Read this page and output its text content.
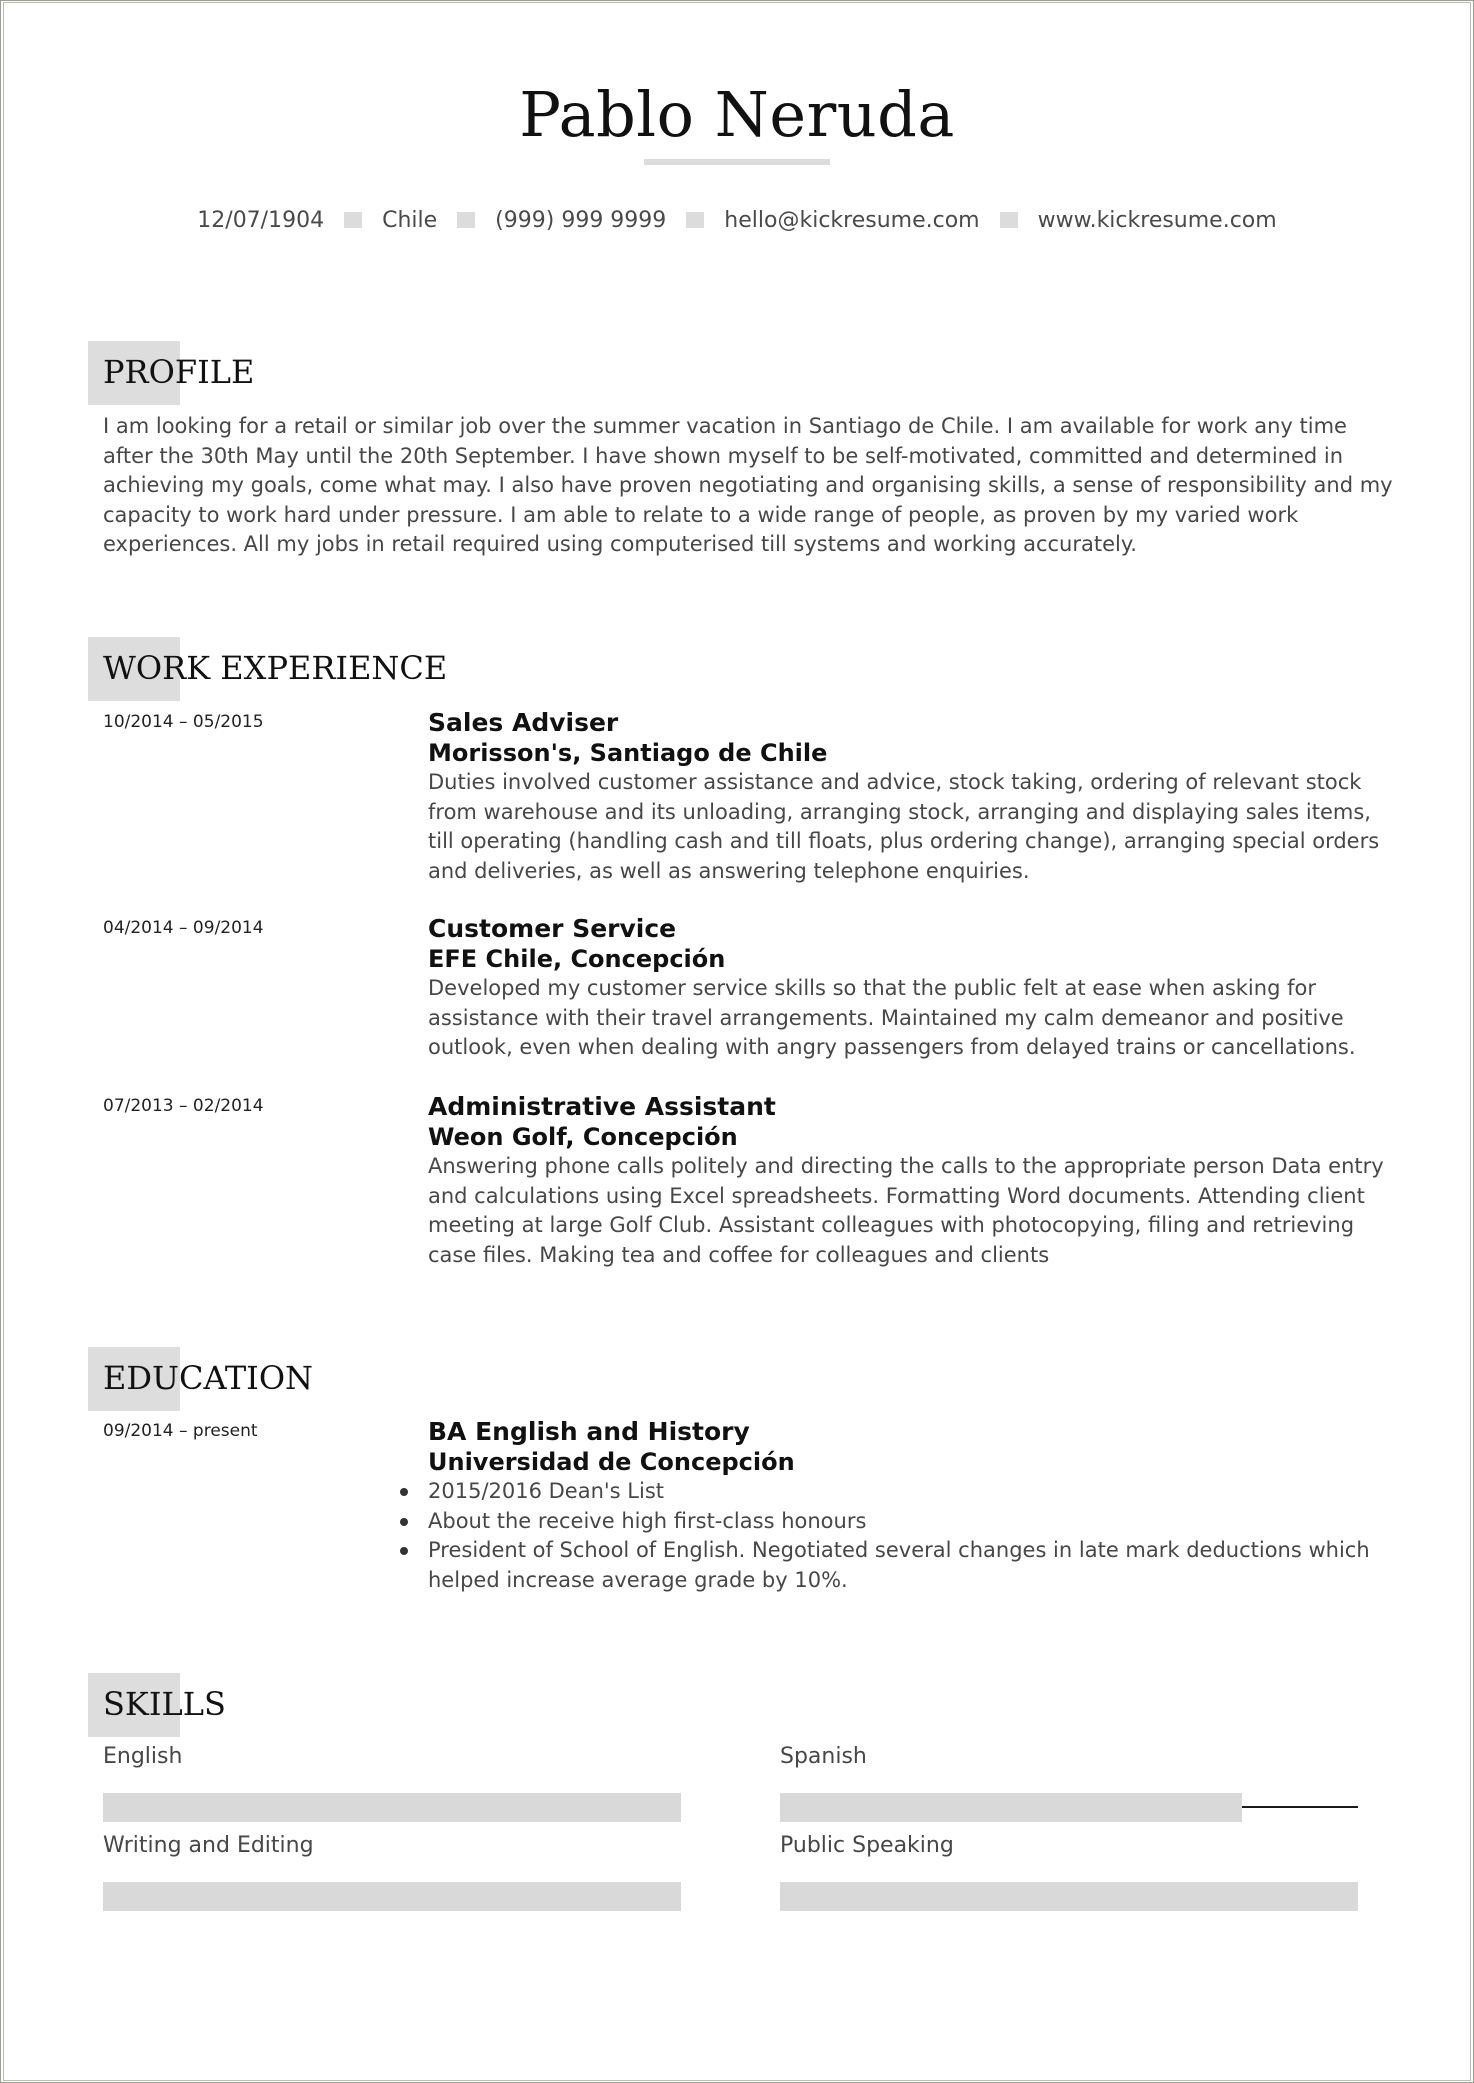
Pablo Neruda
12/07/1904	Chile	(999) 999 9999	hello@kickresume.com	www.kickresume.com
PROFILE
I am looking for a retail or similar job over the summer vacation in Santiago de Chile. I am available for work any time after the 30th May until the 20th September. I have shown myself to be self-motivated, committed and determined in achieving my goals, come what may. I also have proven negotiating and organising skills, a sense of responsibility and my capacity to work hard under pressure. I am able to relate to a wide range of people, as proven by my varied work experiences. All my jobs in retail required using computerised till systems and working accurately.
WORK EXPERIENCE
10/2014 – 05/2015	Sales Adviser
Morisson's, Santiago de Chile
Duties involved customer assistance and advice, stock taking, ordering of relevant stock from warehouse and its unloading, arranging stock, arranging and displaying sales items, till operating (handling cash and till floats, plus ordering change), arranging special orders and deliveries, as well as answering telephone enquiries.
04/2014 – 09/2014	Customer Service
EFE Chile, Concepción
Developed my customer service skills so that the public felt at ease when asking for assistance with their travel arrangements. Maintained my calm demeanor and positive outlook, even when dealing with angry passengers from delayed trains or cancellations.
07/2013 – 02/2014	Administrative Assistant
Weon Golf, Concepción
Answering phone calls politely and directing the calls to the appropriate person Data entry and calculations using Excel spreadsheets. Formatting Word documents. Attending client meeting at large Golf Club. Assistant colleagues with photocopying, filing and retrieving case files. Making tea and coffee for colleagues and clients
EDUCATION
09/2014 – present	BA English and History
Universidad de Concepción
2015/2016 Dean's List
About the receive high first-class honours
President of School of English. Negotiated several changes in late mark deductions which helped increase average grade by 10%.
SKILLS
English	Spanish
Writing and Editing	Public Speaking
